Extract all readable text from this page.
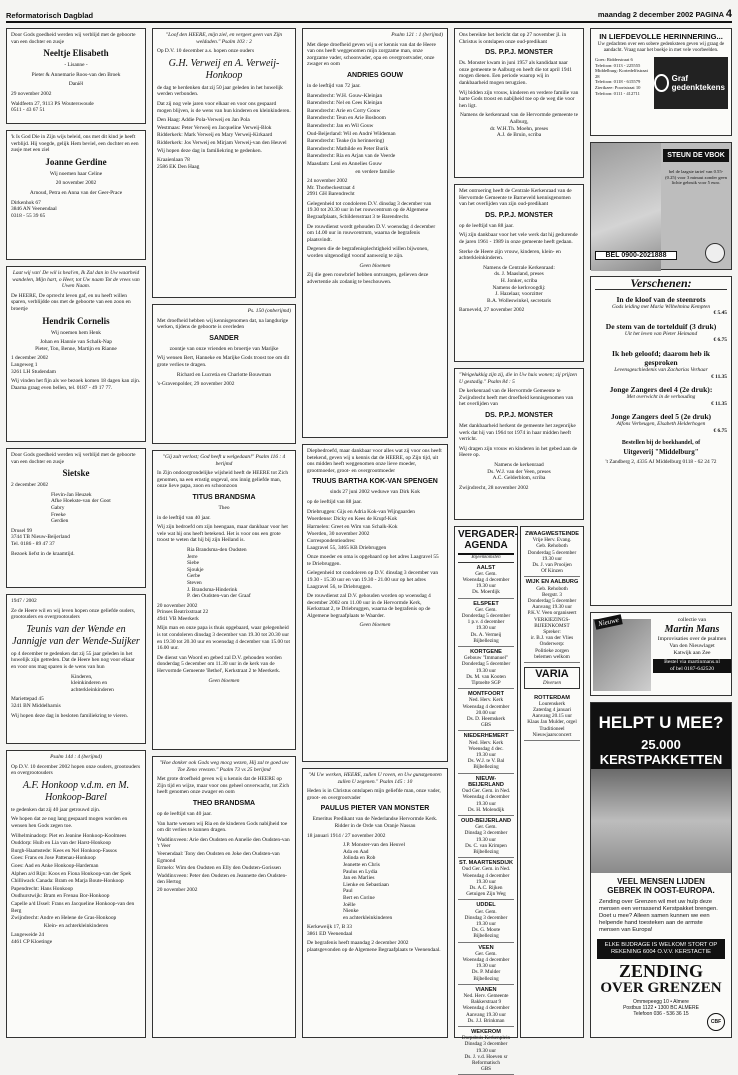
Reformatorisch Dagblad	maandag 2 december 2002 PAGINA 4

Door Gods goedheid werden wij verblijd met de geboorte van een dochter en zusje

Neeltje Elisabeth

- Lisanne -

Pieter & Annemarie Roos-van den Broek

Daniël

29 november 2002

Waldfeetn 27, 9113 PS Wouterswoude

0511 - 43 67 51

'k Is God Die in Zijn wijs beleid, ons met dit kind je heeft verblijd. Hij voegde, gelijk Hem beviel, een dochter en een zusje met een ziel

Joanne Gerdine

Wij noemen haar Celine

20 november 2002

Arnoud, Petra en Anna van der Geer-Prace

Dirkenhok 67
3846 AN Veenendaal
0318 - 55 39 65

Laat wij van' De wil is heal'en, Ik Zal dan in Uw waarheid wandelen, Mijn hart, o Heer, tot Uw naam Tot de vrees van Uwen Naam.

De HEERE, De oprrecht leven gaf, en nu heeft willen sparen, verblijdde ons met de geboorte van een zoon en broertje

Hendrik Cornelis

Wij noemen hem Henk

Johan en Hannie van Schalk-Nap
Pieter, Ton, Benne, Martijn en Rianne

1 december 2002

Langeweg 1
3261 LH Studendam

Wij vinden het fijn als we bezoek komen 18 dagen kan zijn. Daarna graag even bellen, tel. 0187 - 49 17 77.

Door Gods goedheid werden wij verblijd met de geboorte van een dochter en zusje

Sietske

2 december 2002

Flevin-Jan Heuzek
Afke Hoekste-van der Goot
Gabry
Freeke
Gerdien

Drusel 99
3744 TB Nieuw-Beijerland
Tel. 0186 - 89 47 37

Bezoek liefst in de kraamtijd.

1947 / 2002

Ze de Heere wil en wij leven hopen onze geliefde ouders, grootouders en overgrootouders

Teunis van der Wende en Jannigje van der Wende-Suijker

op 4 december te gedenken dat zij 55 jaar geleden in het huwelijk zijn getreden. Dat de Heere hen nog voor elkaar en voor ons mag sparen is de wens van hun

Kinderen,
kleinkinderen en
achterkleinkinderen

Mariettepad 45
3241 BN Middelharnis

Wij hopen deze dag in besloten familiekring te vieren.

Psalm 144 : 4 (berijmd)

Op D.V. 10 december 2002 hopen onze ouders, grootouders en overgrootouders

A.F. Honkoop v.d.m. en M. Honkoop-Barel

te gedenken dat zij 40 jaar getrouwd zijn.

We hopen dat ze nog lang gespaard mogen worden en wensen hen Gods zegen toe.

Wilhelminadorp: Piet en Jeanine Honkoop-Koolmees
Ouddorp: Huib en Lia van der Harst-Honkoop
Burgh-Haamstede: Kees en Nel Honkoop-Fassos
Goes: Frans en Jose Pattenau-Honkoop
Goes: Aad en Anke Honkoop-Hardeman
Alphen a/d Rijn: Koos en Fiona Honkoop-van der Spek
Chilliwack Canada: Bram en Marja Boute-Honkoop
Papendrecht: Hans Honkoop
Oudhurstwijk: Bram en Frenau Bor-Honkoop
Capelle a/d IJssel: Frans en Jacqueline Honkoop-van den Berg
Zwijndrecht: Andre en Helene de Gras-Honkoop

Klein- en achterkleinkinderen

Langeweide 24
4461 CP Kloetinge

"Loof den HEERE, mijn ziel, en vergeet geen van Zijn weldaden." Psalm 103 : 2

Op D.V. 10 december a.s. hopen onze ouders

G.H. Verweij en A. Verweij-Honkoop

de dag te herdenken dat zij 50 jaar geleden in het huwelijk werden verbonden.

Dat zij nog vele jaren voor elkaar en voor ons gespaard mogen blijven, is de wens van hun kinderen en kleinkinderen.

Den Haag: Addie Pola-Verweij en Jan Pola
Westmaas: Peter Verweij en Jacqueline Verweij-Blok
Ridderkerk: Mark Verweij en Mary Verweij-Kirkaard
Ridderkerk: Jos Verweij en Mirjam Verweij-van den Heuvel

Wij hopen deze dag in familiekring te gedenken.

Kraaienlaan 78
2586 EK Den Haag

Ps. 150 (onberijmd)

Met droefheid hebben wij kennisgenomen dat, na langdurige werken, tijdens de geboorte is overleden

SANDER

zoontje van onze vrienden en broertje van Marijke

Wij wensen Bert, Hanneke en Marijke Gods troost toe om dit grote verlies te dragen.

Richard en Lucretia en Charlotte Bouwman

's-Gravenpolder, 29 november 2002

"Gij zult verlost; God heeft u welgedaan!" Psalm 116 : 4 berijmd

In Zijn ondoorgrondelijke wijsheid heeft de HEERE tot Zich genomen, na een ernstig ongeval, ons innig geliefde man, onze lieve papa, zoon en schoonzoon

TITUS BRANDSMA

Theo

in de leeftijd van 40 jaar.

Wij zijn bedroefd om zijn heengaan, maar dankbaar voor het vele wat hij ons heeft betekend. Het is voor ons een grote troost te weten dat hij bij zijn Heiland is.

Ria Brandsma-den Oudsten
Jerre
Siebe
Sjoukje
Gerbe
Steven
J. Brandsma-Hinderink
P. den Oudsten-van der Graaf

20 november 2002

Prinses Beatrixstraat 22
4941 VB Meerkerk

Mijn man en onze papa is thuis opgebaard, waar gelegenheid is tot condoleren dinsdag 3 december van 19.30 tot 20.30 uur en 19.30 tot 20.30 uur en woensdag 4 december van 15.00 tot 16.00 uur.

De dienst van Woord en gebed zal D.V. gehouden worden donderdag 5 december om 11.30 uur in de kerk van de Hervormde Gemeente 'Bethel', Kerkstraat 2 te Meerkerk.

Geen bloemen

"Hoe donker ook Gods weg mocg wezen, Hij zal te goed uw Toe Zeno vreezen." Psalm 73 vs 25 berijmd

Met grote droefheid geven wij u kennis dat de HEERE op Zijn tijd en wijze, maar voor ons geheel onverwacht, tot Zich heeft genomen onze zwager en oom

THEO BRANDSMA

op de leeftijd van 40 jaar.

Van harte wensen wij Ria en de kinderen Gods nabijheid toe om dit verlies te kunnen dragen.

Waddinxveen: Arie den Oudsten en Annelie den Oudsten-van 't Veer
Veenendaal: Tony den Oudsten en Joke den Oudsten-van Egmond
Ermelo: Wim den Oudsten en Elly den Oudsten-Gorissen
Waddinxveen: Peter den Oudsten en Jeannette den Oudsten-den Hertog

20 november 2002

Psalm 121 : 1 (berijmd)

Met diepe droefheid geven wij u er kennis van dat de Heere van ons heeft weggenomen mijn zorgzame man, onze zorgzame vader, schoonvader, opa en overgrootvader, onze zwager en oom

ANDRIES GOUW

in de leeftijd van 72 jaar.

Barendrecht: W.H. Gouw-Kleinjan
Barendrecht: Nel en Cees Kleinjan
Barendrecht: Arie en Corry Gouw
Barendrecht: Teun en Arie Bosboom
Barendrecht: Jan en Wil Gouw
Oud-Beijerland: Wil en André Wildeman
Barendrecht: Teake (in herinnering)
Barendrecht: Mathilde en Peter Burik
Barendrecht: Ria en Arjan van de Veerde
Maasdam: Leni en Annelies Gouw

en verdere familie

24 november 2002

Mr. Thorbeckestraat 4
2991 GH Barendrecht

Gelegenheid tot condoleren D.V. dinsdag 3 december van 19.30 tot 20.30 uur in het rouwcentrum op de Algemene Begraafplaats, Schildersstraat 3 te Barendrecht.

De rouwdienst wordt gehouden D.V. woensdag 4 december om 14.00 uur in rouwcentrum, waarna de begrafenis plaatsvindt.

Degenen die de begrafenisplechtigheid willen bijwonen, worden uitgenodigd vooraf aanwezig te zijn.

Geen bloemen

Zij die geen rouwbrief hebben ontvangen, gelieven deze advertentie als zodanig te beschouwen.

Diepbedroefd, maar dankbaar voor alles wat zij voor ons heeft betekend, geven wij u kennis dat de HEERE, op Zijn tijd, uit ons midden heeft weggenomen onze lieve moeder, grootmoeder, groot- en overgrootmoeder

TRUUS BARTHA KOK-VAN SPENGEN

sinds 27 juni 2002 weduwe van Dirk Kok

op de leeftijd van 88 jaar.

Driebruggen: Gijs en Adria Kok-van Wijngaarden
Woerdense: Dicky en Kees de Krupf-Kok
Harmelen: Greet en Wim van Schalk-Kok

Woerden, 30 november 2002

Correspondentieadres:
Laagravel 55, 3465 KB Driebruggen

Onze moeder en oma is opgebaard op het adres Laagravel 55 te Driebruggen.

Gelegenheid tot condoleren op D.V. dinsdag 3 december van 19.30 - 15.30 uur en van 19.30 - 21.00 uur op het adres Laagravel 56, te Driebruggen.

De rouwdienst zal D.V. gehouden worden op woensdag 4 december 2002 om 11.00 uur in de Hervormde Kerk, Kerkstraat 2, te Driebruggen, waarna de begrafenis op de Algemene begraafplaats te Waarder.

Geen bloemen

"Al Uw werken, HEERE, zullen U roven, en Uw gunstgenoten zullen U zegenen." Psalm 145 : 10

Heden is in Christus ontslapen mijn geliefde man, onze vader, groot- en overgrootvader

PAULUS PIETER VAN MONSTER

Emeritus Predikant van de Nederlandse Hervormde Kerk. Ridder in de Orde van Oranje Nassau

18 januari 1914 / 27 november 2002

J.P. Monster-van den Heuvel
Ada en Aad
Jolinda en Rob
Jeanette en Chris
Paulus en Lydia
Jan en Marlies
Lienke en Sebastiaan
Paul
Bert en Corine
Joëlle
Nienke
en achterkleinkinderen

Kerkeweijk 17, B 33
3861 ED Veenendaal

De begrafenis heeft maandag 2 december 2002 plaatsgevonden op de Algemene Begraafplaats te Veenendaal.

Ons bereikte het bericht dat op 27 november jl. in Christus is ontslapen onze oud-predikant

DS. P.P.J. MONSTER

Ds. Monster kwam in juni 1957 als kandidaat naar onze gemeente te Aalburg en heeft die tot april 1941 mogen dienen. Een periode waarop wij in dankbaarheid mogen terugzien.

Wij bidden zijn vrouw, kinderen en verdere familie van harte Gods troost en nabijheid toe op de weg die voor hen ligt.

Namens de kerkenraad van de Hervormde gemeente te Aalburg,
dr. W.H.Th. Moehn, preses
A.J. de Bruin, scriba

Met ontroering heeft de Centrale Kerkenraad van de Hervormde Gemeente te Barneveld kennisgenomen van het overlijden van zijn oud-predikant

DS. P.P.J. MONSTER

op de leeftijd van 88 jaar.

Wij zijn dankbaar voor het vele werk dat hij gedurende de jaren 1961 - 1989 in onze gemeente heeft gedaan.

Sterke de Heere zijn vrouw, kinderen, klein- en achterkleinkinderen.

Namens de Centrale Kerkenraad:
ds. J. Maasland, preses
H. Jonker, scriba
Namens de kerkvoogdij:
J. Hazelaar, voorzitter
B.A. Wolleswinkel, secretaris

Barneveld, 27 november 2002

"Weigelukkig zijn zij, die in Uw huis wonen; zij prijzen U gestadig." Psalm 84 : 5

De kerkenraad van de Hervormde Gemeente te Zwijndrecht heeft met droefheid kennisgenomen van het overlijden van

DS. P.P.J. MONSTER

Met dankbaarheid herkent de gemeente het zegenrijke werk dat hij van 1964 tot 1974 in haar midden heeft verricht.

Wij dragen zijn vrouw en kinderen in het gebed aan de Heere op.

Namens de kerkenraad
Ds. W.J. van der Veen, preses
A.C. Gelderblom, scriba

Zwijndrecht, 28 november 2002

VERGADER-AGENDA
Bijeenkomsten
AALST
Ger. Gem.
Woensdag 4 december
19.30 uur
Ds. Moerdijk
ELSPEET
Ger. Gem.
Donderdag 5 december
1 p.v. 4 december
19.30 uur
Ds. A. Vermeij
Bijbellezing
KORTGENE
Gebouw "Immanuel"
Donderdag 5 december
19.30 uur
Ds. M. van Kooten
Tiptoelte SGP
MONTFOORT
Ned. Herv. Kerk
Woensdag 4 december
20.00 uur
Ds. D. Heemskerk
GBS
NIEDERHEMERT
Ned. Herv. Kerk
Woensdag 4 dec.
19.30 uur
Ds. W.J. te V. Bal
Bijbellezing
NIEUW-BEIJERLAND
Oud Ger. Gem. in Ned.
Woensdag 4 december
19.30 uur
Ds. H. Molendijk
OUD-BEIJERLAND
Ger. Gem.
Dinsdag 3 december
19.30 uur
Ds. C. van Krimpen
Bijbellezing
ST. MAARTENSDIJK
Oud Ger. Gem. in Ned.
Woensdag 4 december
19.30 uur
Ds. A.C. Rijken
Getuigen Zijn Weg
UDDEL
Ger. Gem.
Dinsdag 3 december
19.30 uur
Ds. G. Moote
Bijbellezing
VEEN
Ger. Gem.
Woensdag 4 december
19.30 uur
Ds. P. Mulder
Bijbellezing
VIANEN
Ned. Herv. Gemeente
Bakkerstraat 9
Woensdag 4 december
Aanvang 19.30 uur
Ds. J.J. Brinkman
WEKEROM
Dorpsbuis Kerkenplein
Dinsdag 3 december
19.30 uur
Ds. J. v.d. Hoeven sr
Reformatisch
GBS
ZWAAGWESTEINDE
Vrije Herv. Evang.
Geb. Rehoboth
Donderdag 5 december
19.30 uur
Ds. J. van Prooijen
Of Kinzen
WIJK EN AALBURG
Geb. Rehoboth
Bergstr. 3
Donderdag 5 december
Aanvang 19.30 uur
P.K.V. Veen organiseert
VERKIEZINGS-BIJEENKOMST
Spreker:
ir. B.J. van der Vlies
Onderwerp:
Politieke zorgen
belemen welkom
VARIA
Diversen
ROTTERDAM
Lourenskerk
Zaterdag 4 januari
Aanvang 20.15 uur
Klaas Jan Mulder, orgel
Traditioneel
Nieuwjaarsconcert
IN LIEFDEVOLLE HERINNERING...
Uw gedachten over een sobere gedenksteen geven wij graag de aandacht. Vraag naar het boekje in met vele voorbeelden.
Goes: Ridderstraat 6
Telefoon: 0113 - 225555
Middelburg: Kortedelftstraat 28
Telefoon: 0118 - 615579
Zierikzee: Poortstraat 10
Telefoon: 0111 - 412711
Graf gedenktekens
STEUN DE VBOK
bel de laagste tarief van 0.55-(0.25) voor 3 minuut zonder geen lichte gebruik voor 5 euro.
BEL 0900-2021888
Verschenen:
In de kloof van de steenrots
Gods leiding met Maria Wilhelmina Kempten
€ 5.45
De stem van de tortelduif (3 druk)
Uit het leven van Pieter Heimand
€ 6.75
Ik heb geloofd; daarom heb ik gesproken
Levensgeschiedenis van Zacharias Verhaar
€ 11.35
Jonge Zangers deel 4 (2e druk):
Met overwicht in de verhouding
€ 11.35
Jonge Zangers deel 5 (2e druk)
Alfons Verheugen, Elsabeth Helderhogen
€ 6.75

Bestellen bij de boekhandel, of

Uitgeverij "Middelburg"

't Zandberg 2, 4335 AJ Middelburg 0118 - 62 24 72

Nieuwe	collectie van
Martin Mans
Improvisaties over de psalmen
Van den Nieuwlaget
Katwijk aan Zee
Bestel via martinmans.nl
of bel 0187-642520
HELPT U MEE?
25.000 KERSTPAKKETTEN
VEEL MENSEN LIJDEN GEBREK IN OOST-EUROPA.
Zending over Grenzen wil met uw hulp deze mensen een verrassend Kerstpakket brengen. Doet u mee? Alleen samen kunnen we een helpende hand toesteken aan de armste mensen van Europa!
ELKE BIJDRAGE IS WELKOM! STORT OP REKENING 6004 O.V.V. KERSTACTIE
ZENDING
OVER GRENZEN
Ommepeegg 10 • Almere
Postbus 1122 • 1300 BC ALMERE
Telefoon 036 - 536 36 15
CBF
